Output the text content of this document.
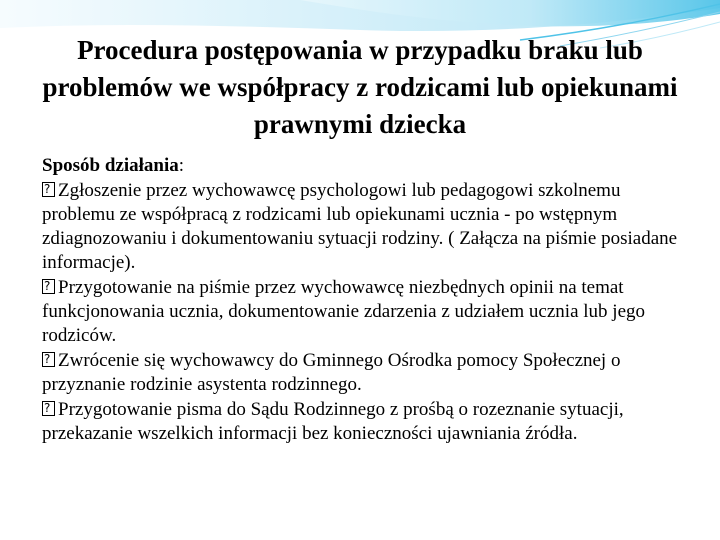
Procedura postępowania w przypadku braku lub problemów we współpracy z rodzicami lub opiekunami prawnymi dziecka

Sposób działania:

?Zgłoszenie przez wychowawcę psychologowi lub pedagogowi szkolnemu problemu ze współpracą z rodzicami lub opiekunami ucznia - po wstępnym zdiagnozowaniu i dokumentowaniu sytuacji rodziny. ( Załącza na piśmie posiadane informacje).

?Przygotowanie na piśmie przez wychowawcę niezbędnych opinii na temat funkcjonowania ucznia, dokumentowanie zdarzenia z udziałem ucznia lub jego rodziców.

?Zwrócenie się wychowawcy do Gminnego Ośrodka pomocy Społecznej o przyznanie rodzinie asystenta rodzinnego.

?Przygotowanie pisma do Sądu Rodzinnego z prośbą o rozeznanie sytuacji, przekazanie wszelkich informacji bez konieczności ujawniania źródła.
